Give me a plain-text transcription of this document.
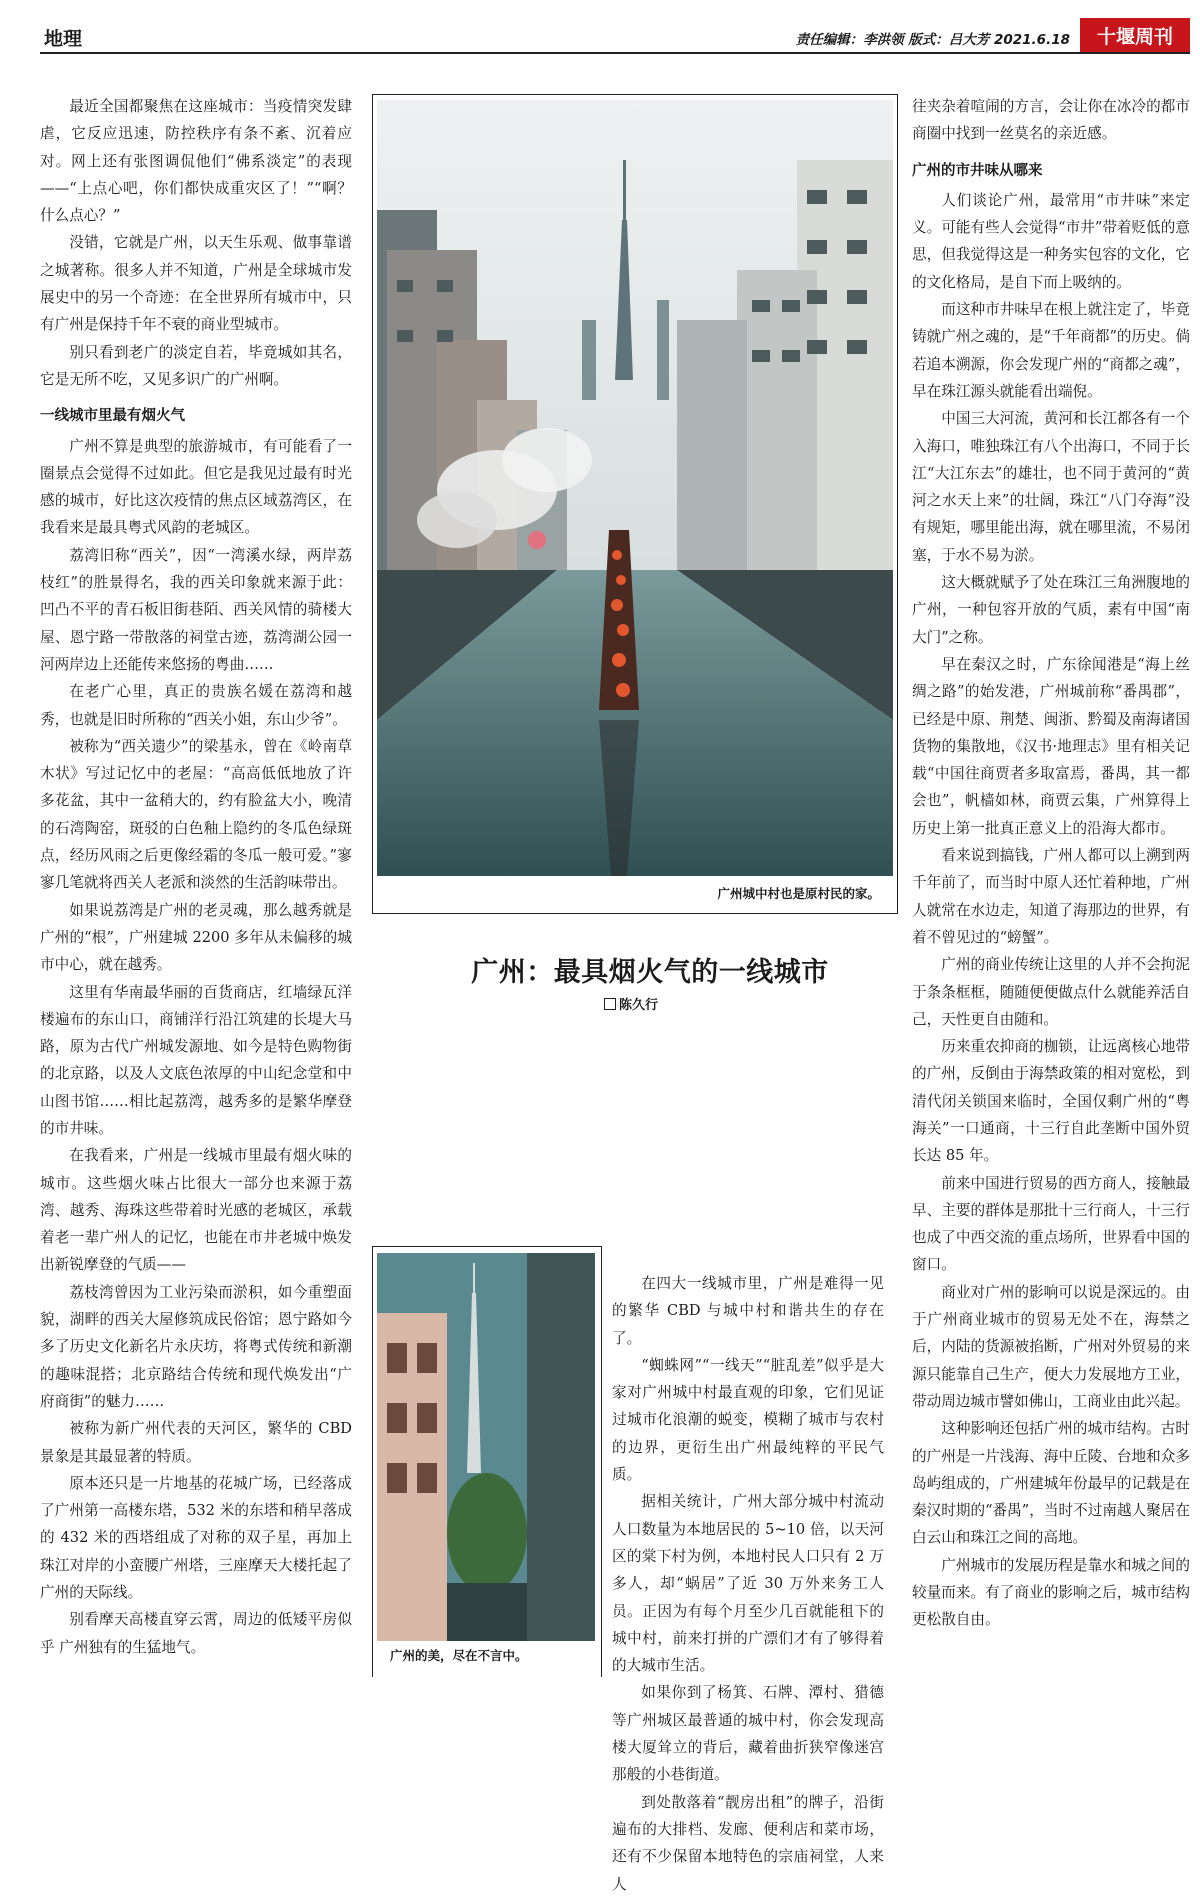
地理	责任编辑：李洪领 版式：吕大芳 2021.6.18	十堰周刊

最近全国都聚焦在这座城市：当疫情突发肆虐，它反应迅速，防控秩序有条不紊、沉着应对。网上还有张图调侃他们“佛系淡定”的表现——“上点心吧，你们都快成重灾区了！”“啊？什么点心？”

没错，它就是广州，以天生乐观、做事靠谱之城著称。很多人并不知道，广州是全球城市发展史中的另一个奇迹：在全世界所有城市中，只有广州是保持千年不衰的商业型城市。

别只看到老广的淡定自若，毕竟城如其名，它是无所不吃，又见多识广的广州啊。

一线城市里最有烟火气

广州不算是典型的旅游城市，有可能看了一圈景点会觉得不过如此。但它是我见过最有时光感的城市，好比这次疫情的焦点区域荔湾区，在我看来是最具粤式风韵的老城区。

荔湾旧称“西关”，因“一湾溪水绿，两岸荔枝红”的胜景得名，我的西关印象就来源于此：凹凸不平的青石板旧街巷陌、西关风情的骑楼大屋、恩宁路一带散落的祠堂古迹，荔湾湖公园一河两岸边上还能传来悠扬的粤曲……

在老广心里，真正的贵族名媛在荔湾和越秀，也就是旧时所称的“西关小姐，东山少爷”。

被称为“西关遗少”的梁基永，曾在《岭南草木状》写过记忆中的老屋：“高高低低地放了许多花盆，其中一盆稍大的，约有脸盆大小，晚清的石湾陶窑，斑驳的白色釉上隐约的冬瓜色绿斑点，经历风雨之后更像经霜的冬瓜一般可爱。”寥寥几笔就将西关人老派和淡然的生活韵味带出。

如果说荔湾是广州的老灵魂，那么越秀就是广州的“根”，广州建城 2200 多年从未偏移的城市中心，就在越秀。

这里有华南最华丽的百货商店，红墙绿瓦洋楼遍布的东山口，商铺洋行沿江筑建的长堤大马路，原为古代广州城发源地、如今是特色购物街的北京路，以及人文底色浓厚的中山纪念堂和中山图书馆……相比起荔湾，越秀多的是繁华摩登的市井味。

在我看来，广州是一线城市里最有烟火味的城市。这些烟火味占比很大一部分也来源于荔湾、越秀、海珠这些带着时光感的老城区，承载着老一辈广州人的记忆，也能在市井老城中焕发出新锐摩登的气质——

荔枝湾曾因为工业污染而淤积，如今重塑面貌，湖畔的西关大屋修筑成民俗馆；恩宁路如今多了历史文化新名片永庆坊，将粤式传统和新潮的趣味混搭；北京路结合传统和现代焕发出“广府商街”的魅力……

被称为新广州代表的天河区，繁华的 CBD 景象是其最显著的特质。

原本还只是一片地基的花城广场，已经落成了广州第一高楼东塔，532 米的东塔和稍早落成的 432 米的西塔组成了对称的双子星，再加上珠江对岸的小蛮腰广州塔，三座摩天大楼托起了广州的天际线。

别看摩天高楼直穿云霄，周边的低矮平房似乎 广州独有的生猛地气。

广州城中村也是原村民的家。
广州：最具烟火气的一线城市
陈久行
广州的美，尽在不言中。

在四大一线城市里，广州是难得一见的繁华 CBD 与城中村和谐共生的存在了。

“蜘蛛网”“一线天”“脏乱差”似乎是大家对广州城中村最直观的印象，它们见证过城市化浪潮的蜕变，模糊了城市与农村的边界，更衍生出广州最纯粹的平民气质。

据相关统计，广州大部分城中村流动人口数量为本地居民的 5~10 倍，以天河区的棠下村为例，本地村民人口只有 2 万多人，却“蜗居”了近 30 万外来务工人员。正因为有每个月至少几百就能租下的城中村，前来打拼的广漂们才有了够得着的大城市生活。

如果你到了杨箕、石牌、潭村、猎德等广州城区最普通的城中村，你会发现高楼大厦耸立的背后，藏着曲折狭窄像迷宫那般的小巷街道。

到处散落着“靓房出租”的牌子，沿街遍布的大排档、发廊、便利店和菜市场，还有不少保留本地特色的宗庙祠堂，人来人

往夹杂着喧闹的方言，会让你在冰冷的都市商圈中找到一丝莫名的亲近感。

广州的市井味从哪来

人们谈论广州，最常用“市井味”来定义。可能有些人会觉得“市井”带着贬低的意思，但我觉得这是一种务实包容的文化，它的文化格局，是自下而上吸纳的。

而这种市井味早在根上就注定了，毕竟铸就广州之魂的，是“千年商都”的历史。倘若追本溯源，你会发现广州的“商都之魂”，早在珠江源头就能看出端倪。

中国三大河流，黄河和长江都各有一个入海口，唯独珠江有八个出海口，不同于长江“大江东去”的雄壮，也不同于黄河的“黄河之水天上来”的壮阔，珠江“八门夺海”没有规矩，哪里能出海，就在哪里流，不易闭塞，于水不易为淤。

这大概就赋予了处在珠江三角洲腹地的广州，一种包容开放的气质，素有中国“南大门”之称。

早在秦汉之时，广东徐闻港是“海上丝绸之路”的始发港，广州城前称“番禺郡”，已经是中原、荆楚、闽浙、黔蜀及南海诸国货物的集散地，《汉书·地理志》里有相关记载“中国往商贾者多取富焉，番禺，其一都会也”，帆樯如林，商贾云集，广州算得上历史上第一批真正意义上的沿海大都市。

看来说到搞钱，广州人都可以上溯到两千年前了，而当时中原人还忙着种地，广州人就常在水边走，知道了海那边的世界，有着不曾见过的“螃蟹”。

广州的商业传统让这里的人并不会拘泥于条条框框，随随便便做点什么就能养活自己，天性更自由随和。

历来重农抑商的枷锁，让远离核心地带的广州，反倒由于海禁政策的相对宽松，到清代闭关锁国来临时，全国仅剩广州的“粤海关”一口通商，十三行自此垄断中国外贸长达 85 年。

前来中国进行贸易的西方商人，接触最早、主要的群体是那批十三行商人，十三行也成了中西交流的重点场所，世界看中国的窗口。

商业对广州的影响可以说是深远的。由于广州商业城市的贸易无处不在，海禁之后，内陆的货源被掐断，广州对外贸易的来源只能靠自己生产，便大力发展地方工业，带动周边城市譬如佛山，工商业由此兴起。

这种影响还包括广州的城市结构。古时的广州是一片浅海、海中丘陵、台地和众多岛屿组成的，广州建城年份最早的记载是在秦汉时期的“番禺”，当时不过南越人聚居在白云山和珠江之间的高地。

广州城市的发展历程是靠水和城之间的较量而来。有了商业的影响之后，城市结构更松散自由。
